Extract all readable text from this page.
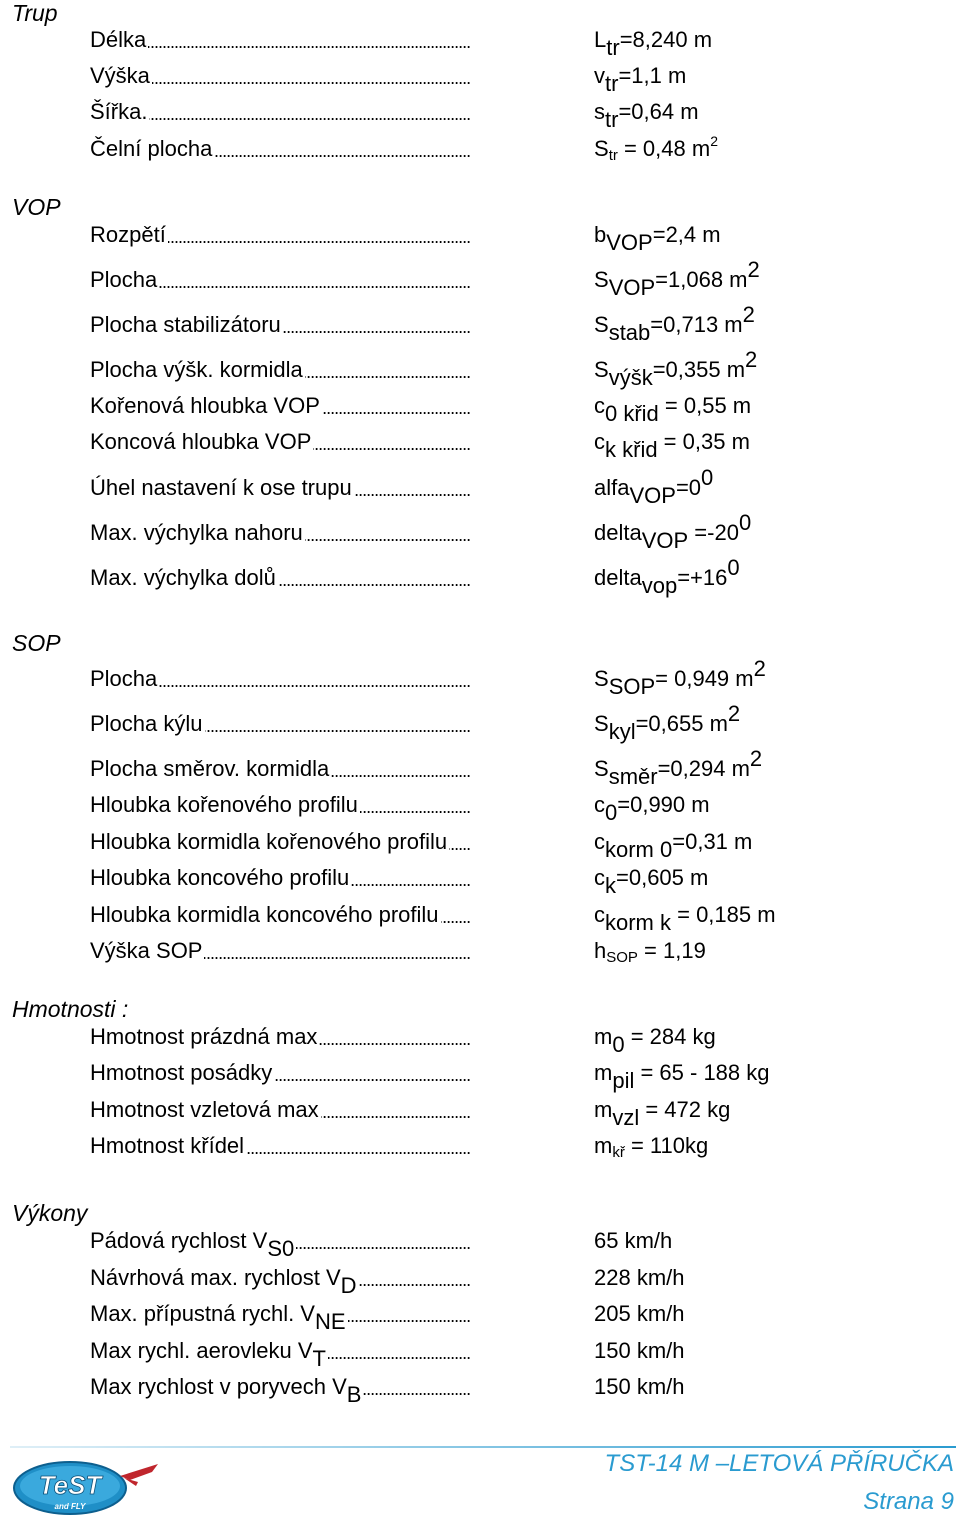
Trup
VOP
SOP
Hmotnosti :
Výkony
. . .
Délka	$L_{tr}=8,240$ m
. . .
Výška	$v_{tr}=1,1$ m
. . .
Šířka.	$s_{tr}=0,64$ m
. . .
Čelní plocha	$S_{tr} = 0,48$ $m^2$
. . .
Rozpětí	$b_{VOP}=2,4$ m
. . .
Plocha	$S_{VOP}=1,068$ $m^2$
. . .
Plocha stabilizátoru	$S_{stab}=0,713$ $m^2$
. . .
Plocha výšk. kormidla	$S_{výšk}=0,355$ $m^2$
. . .
Kořenová hloubka VOP	$c_{0 křid} = 0,55$ m
. . .
Koncová hloubka VOP	$c_{k křid} = 0,35$ m
. . .
Úhel nastavení k ose trupu	$alfa_{VOP}=0^0$
. . .
Max. výchylka nahoru	delta$_{VOP}$ $=-20^0$
. . .
Max. výchylka dolů	$delta_{vop}=+16^0$
. . .
Plocha	$S_{SOP}= 0,949$ $m^2$
. . .
Plocha kýlu	$S_{kyl}=0,655$ $m^2$
. . .
Plocha směrov. kormidla	$S_{směr}=0,294$ $m^2$
. . .
Hloubka kořenového profilu	$c_0=0,990$ m
. . .
Hloubka kormidla kořenového profilu	$c_{korm 0}=0,31$ m
. . .
Hloubka koncového profilu	$c_k=0,605$ m
. . .
Hloubka kormidla koncového profilu	$c_{korm k} = 0,185$ m
. . .
Výška SOP	$h_{SOP} = 1,19$
. . .
Hmotnost prázdná max	$m_0 = 284$ kg
. . .
Hmotnost posádky	$m_{pil} = 65 - 188$ kg
. . .
Hmotnost vzletová max	$m_{vzl} = 472$ kg
. . .
Hmotnost křídel	$m_{kř} = 110kg$
. . .
Pádová rychlost $V_{S0}$	65 km/h
. . .
Návrhová max. rychlost $V_D$	228 km/h
. . .
Max. přípustná rychl. $V_{NE}$	205 km/h
. . .
Max rychl. aerovleku $V_T$	150 km/h
. . .
Max rychlost v poryvech $V_B$	150 km/h
TeST
and FLY
TST-14 M –LETOVÁ PŘÍRUČKA
Strana 9
